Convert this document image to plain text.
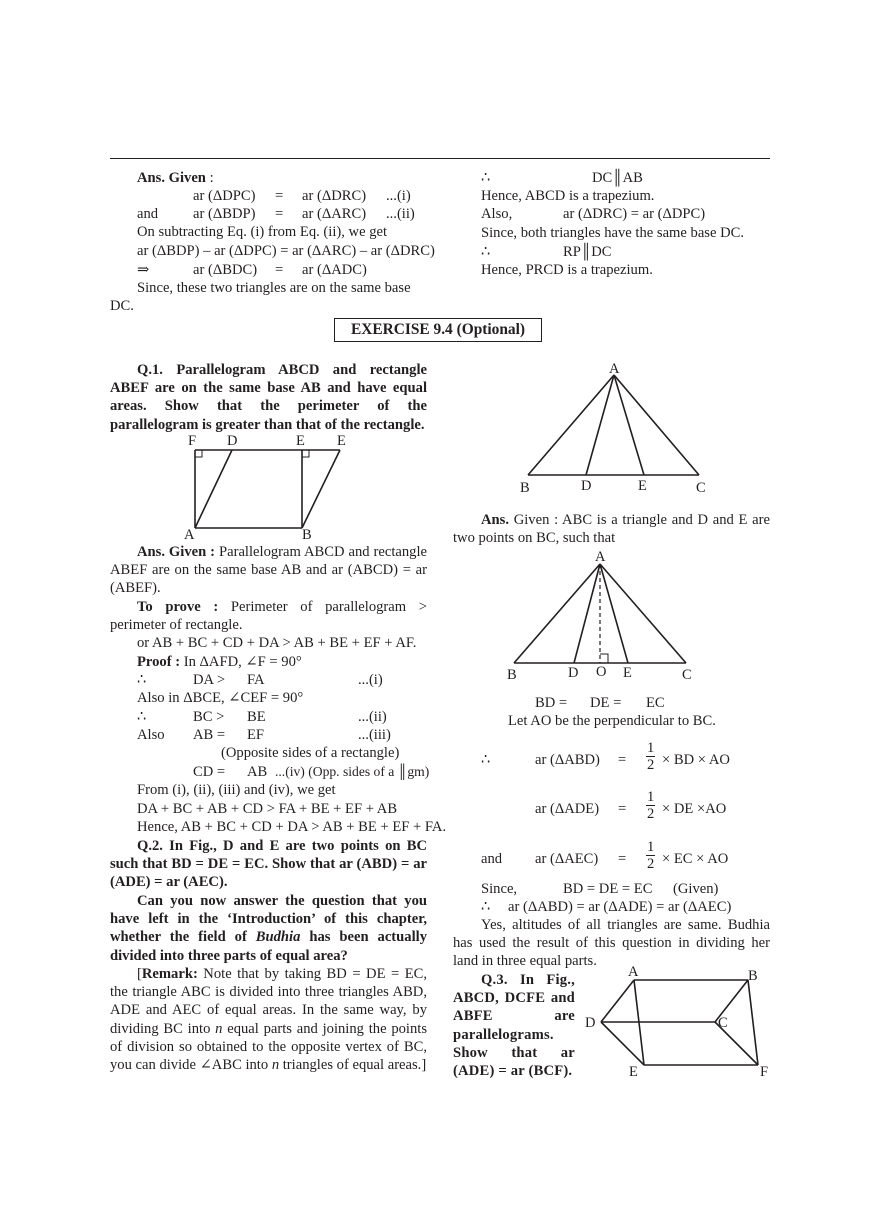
Ans. Given :
ar (ΔDPC) = ar (ΔDRC) ...(i)
and ar (ΔBDP) = ar (ΔARC) ...(ii)
On subtracting Eq. (i) from Eq. (ii), we get
ar (ΔBDP) – ar (ΔDPC) = ar (ΔARC) – ar (ΔDRC)
⇒	ar (ΔBDC) = ar (ΔADC)
Since, these two triangles are on the same base
DC.
∴	DC║AB
Hence, ABCD is a trapezium.
Also,	ar (ΔDRC) = ar (ΔDPC)
Since, both triangles have the same base DC.
∴	RP║DC
Hence, PRCD is a trapezium.
EXERCISE 9.4 (Optional)
Q.1. Parallelogram ABCD and rectangle ABEF are on the same base AB and have equal areas. Show that the perimeter of the parallelogram is greater than that of the rectangle.
F D	E E
A	B
Ans. Given : Parallelogram ABCD and rectangle ABEF are on the same base AB and ar (ABCD) = ar (ABEF).
To prove : Perimeter of parallelogram > perimeter of rectangle.
or AB + BC + CD + DA > AB + BE + EF + AF.
Proof : In ΔAFD, ∠F = 90°
∴	DA > FA	...(i)
Also in ΔBCE, ∠CEF = 90°
∴	BC > BE	...(ii)
Also AB = EF	...(iii)
(Opposite sides of a rectangle)
CD = AB ...(iv) (Opp. sides of a ║gm)
From (i), (ii), (iii) and (iv), we get
DA + BC + AB + CD > FA + BE + EF + AB
Hence, AB + BC + CD + DA > AB + BE + EF + FA.
Q.2. In Fig., D and E are two points on BC such that BD = DE = EC. Show that ar (ABD) = ar (ADE) = ar (AEC).
Can you now answer the question that you have left in the ‘Introduction’ of this chapter, whether the field of Budhia has been actually divided into three parts of equal area?
[Remark: Note that by taking BD = DE = EC, the triangle ABC is divided into three triangles ABD, ADE and AEC of equal areas. In the same way, by dividing BC into n equal parts and joining the points of division so obtained to the opposite vertex of BC, you can divide ∠ABC into n triangles of equal areas.]
A
B	D	E	C
Ans. Given : ABC is a triangle and D and E are two points on BC, such that
A
B	D O E	C
BD = DE = EC
Let AO be the perpendicular to BC.
∴	ar $(\Delta ABD) = \frac{1}{2}$ × BD × AO
ar $(\Delta ADE) = \frac{1}{2}$ × DE ×AO
and ar $(\Delta AEC) = \frac{1}{2}$ × EC × AO
Since,	BD = DE = EC (Given)
∴ ar (ΔABD) = ar (ΔADE) = ar (ΔAEC)
Yes, altitudes of all triangles are same. Budhia has used the result of this question in dividing her land in three equal parts.
Q.3. In Fig., ABCD, DCFE and ABFE are parallelograms. Show that ar (ADE) = ar (BCF).
A	B
C
D
E	F
